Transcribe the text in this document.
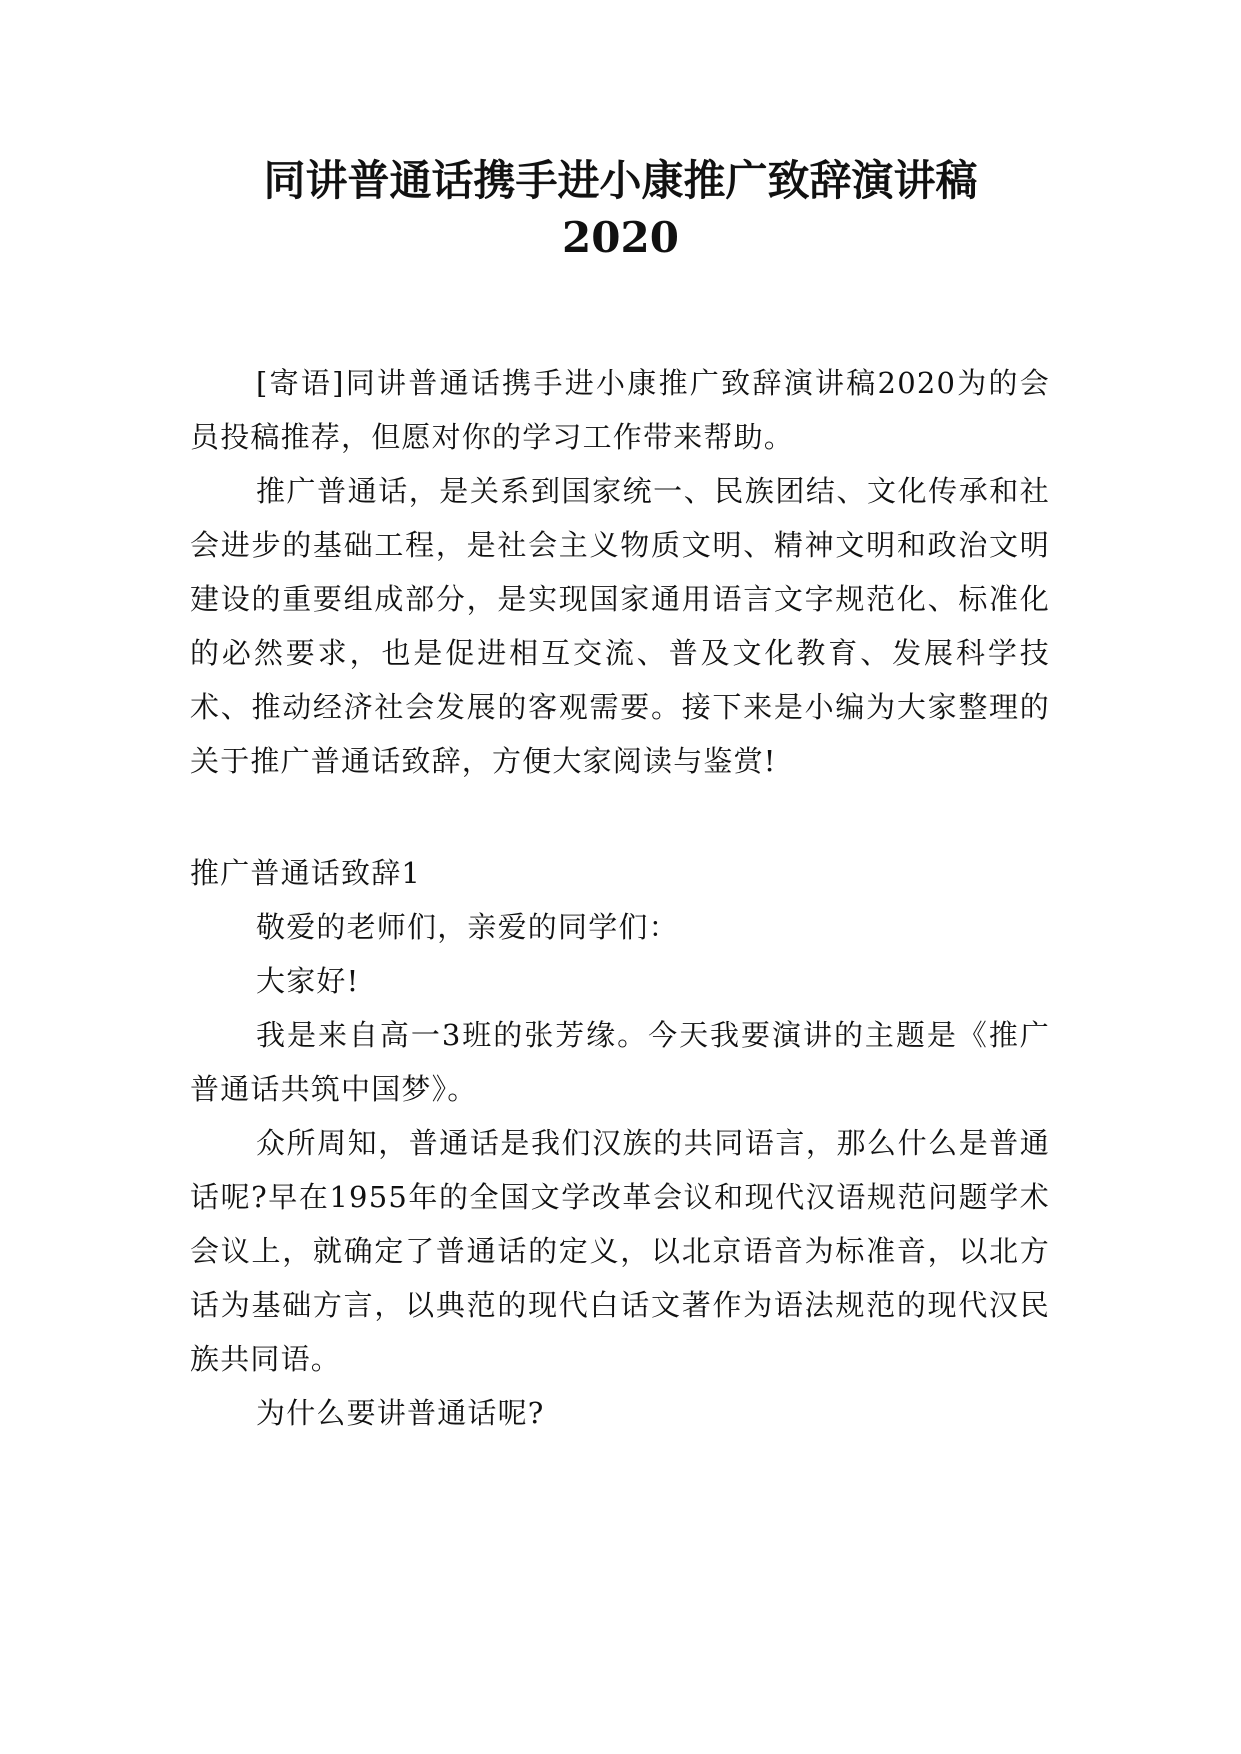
同讲普通话携手进小康推广致辞演讲稿
2020

[寄语]同讲普通话携手进小康推广致辞演讲稿2020为的会员投稿推荐，但愿对你的学习工作带来帮助。

推广普通话，是关系到国家统一、民族团结、文化传承和社会进步的基础工程，是社会主义物质文明、精神文明和政治文明建设的重要组成部分，是实现国家通用语言文字规范化、标准化的必然要求，也是促进相互交流、普及文化教育、发展科学技术、推动经济社会发展的客观需要。接下来是小编为大家整理的关于推广普通话致辞，方便大家阅读与鉴赏!

推广普通话致辞1

敬爱的老师们，亲爱的同学们：

大家好!

我是来自高一3班的张芳缘。今天我要演讲的主题是《推广普通话共筑中国梦》。

众所周知，普通话是我们汉族的共同语言，那么什么是普通话呢?早在1955年的全国文学改革会议和现代汉语规范问题学术会议上，就确定了普通话的定义，以北京语音为标准音，以北方话为基础方言，以典范的现代白话文著作为语法规范的现代汉民族共同语。

为什么要讲普通话呢?
